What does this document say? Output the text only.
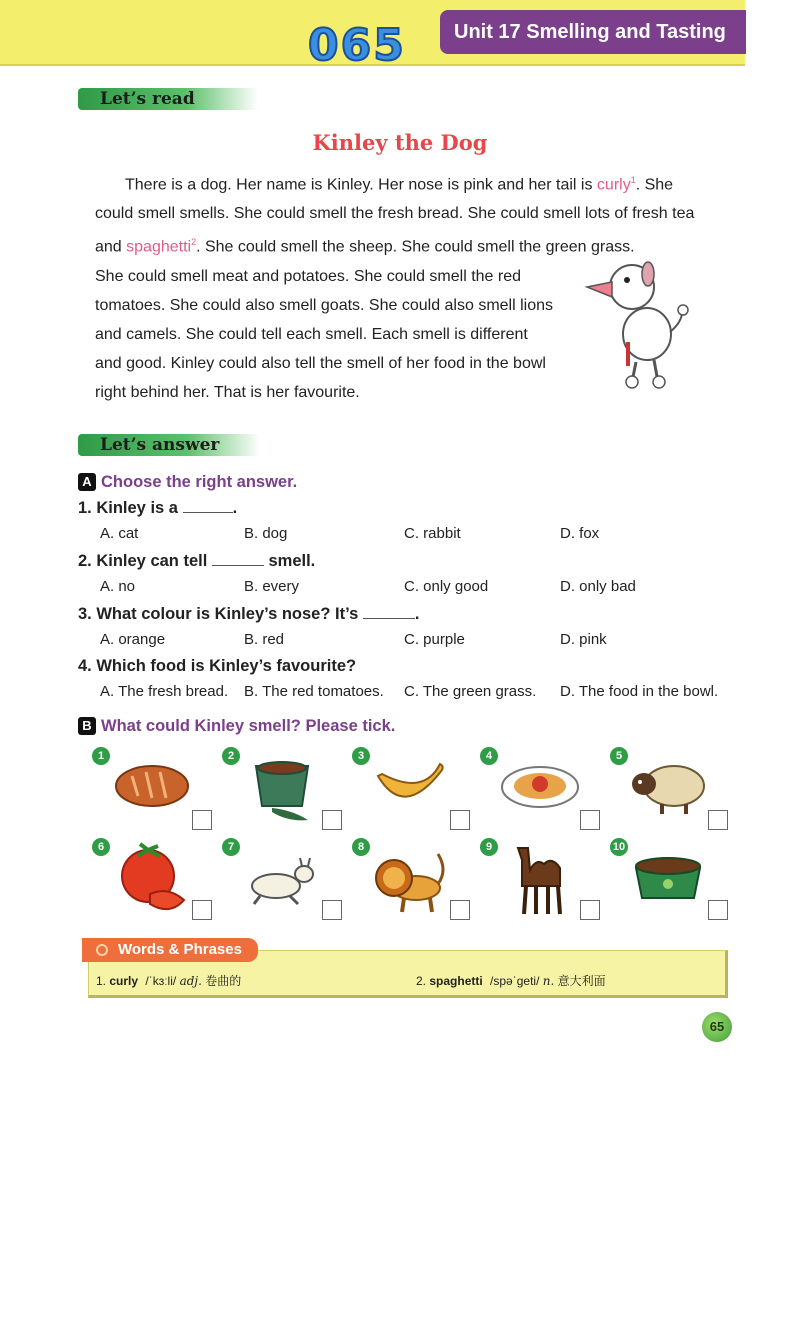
065	Unit 17 Smelling and Tasting
Let’s read
Kinley the Dog

There is a dog. Her name is Kinley. Her nose is pink and her tail is curly$^1$. She could smell smells. She could smell the fresh bread. She could smell lots of fresh tea and spaghetti$^2$. She could smell the sheep. She could smell the green grass.

She could smell meat and potatoes. She could smell the red tomatoes. She could also smell goats. She could also smell lions and camels. She could tell each smell. Each smell is different and good. Kinley could also tell the smell of her food in the bowl right behind her. That is her favourite.

Let’s answer
A Choose the right answer.
1. Kinley is a	.
A. cat	B. dog	C. rabbit	D. fox
2. Kinley can tell	smell.
A. no	B. every	C. only good	D. only bad
3. What colour is Kinley’s nose? It’s	.
A. orange	B. red	C. purple	D. pink
4. Which food is Kinley’s favourite?
A. The fresh bread. B. The red tomatoes. C. The green grass. D. The food in the bowl.
B What could Kinley smell? Please tick.
1	2	3	4	5
6	7	8	9	10
Words & Phrases
1. curly /ˈkɜːli/ adj. 卷曲的	2. spaghetti /spəˈgeti/ n. 意大利面
65
